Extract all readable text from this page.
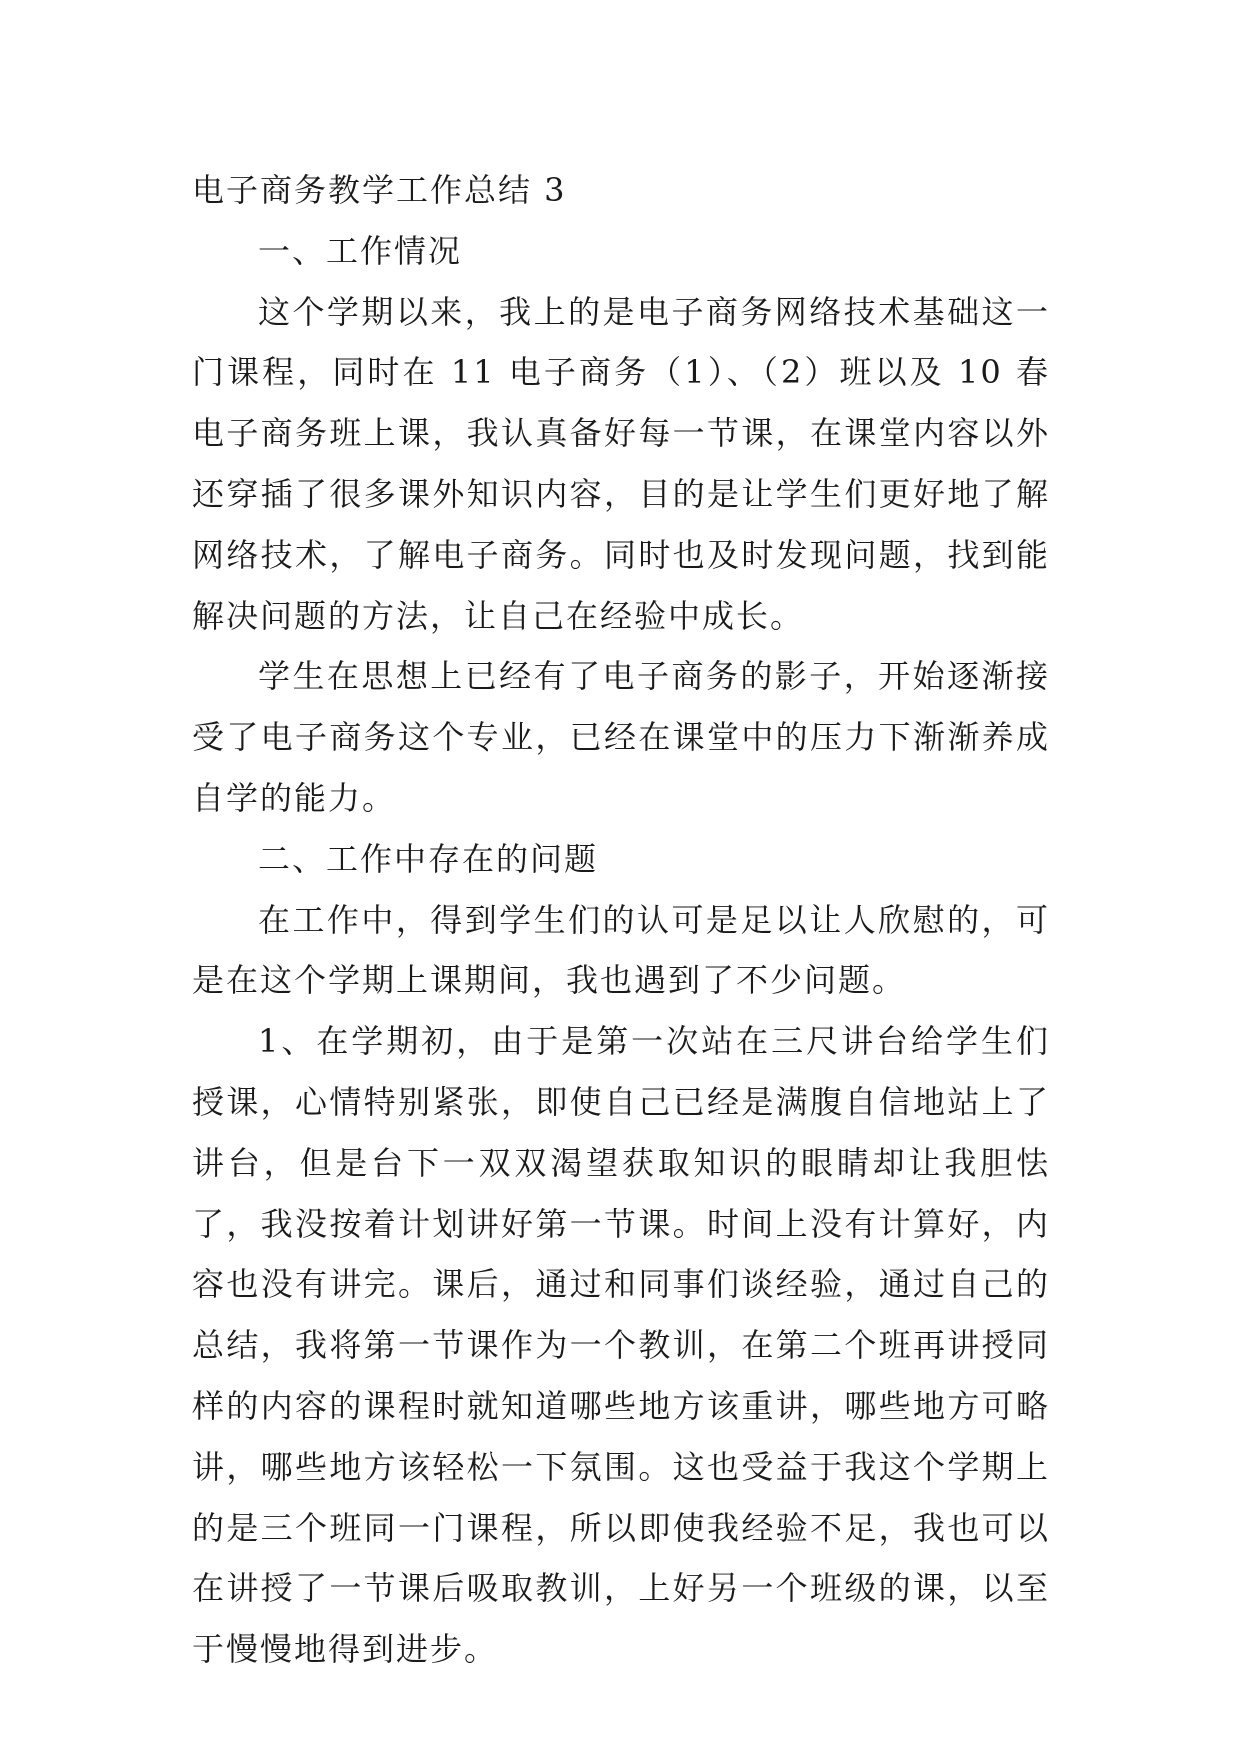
电子商务教学工作总结 3
一、工作情况

这个学期以来，我上的是电子商务网络技术基础这一门课程，同时在 11 电子商务（1）、（2）班以及 10 春电子商务班上课，我认真备好每一节课，在课堂内容以外还穿插了很多课外知识内容，目的是让学生们更好地了解网络技术，了解电子商务。同时也及时发现问题，找到能解决问题的方法，让自己在经验中成长。

学生在思想上已经有了电子商务的影子，开始逐渐接受了电子商务这个专业，已经在课堂中的压力下渐渐养成自学的能力。

二、工作中存在的问题

在工作中，得到学生们的认可是足以让人欣慰的，可是在这个学期上课期间，我也遇到了不少问题。

1、在学期初，由于是第一次站在三尺讲台给学生们授课，心情特别紧张，即使自己已经是满腹自信地站上了讲台，但是台下一双双渴望获取知识的眼睛却让我胆怯了，我没按着计划讲好第一节课。时间上没有计算好，内容也没有讲完。课后，通过和同事们谈经验，通过自己的总结，我将第一节课作为一个教训，在第二个班再讲授同样的内容的课程时就知道哪些地方该重讲，哪些地方可略讲，哪些地方该轻松一下氛围。这也受益于我这个学期上的是三个班同一门课程，所以即使我经验不足，我也可以在讲授了一节课后吸取教训，上好另一个班级的课，以至于慢慢地得到进步。
